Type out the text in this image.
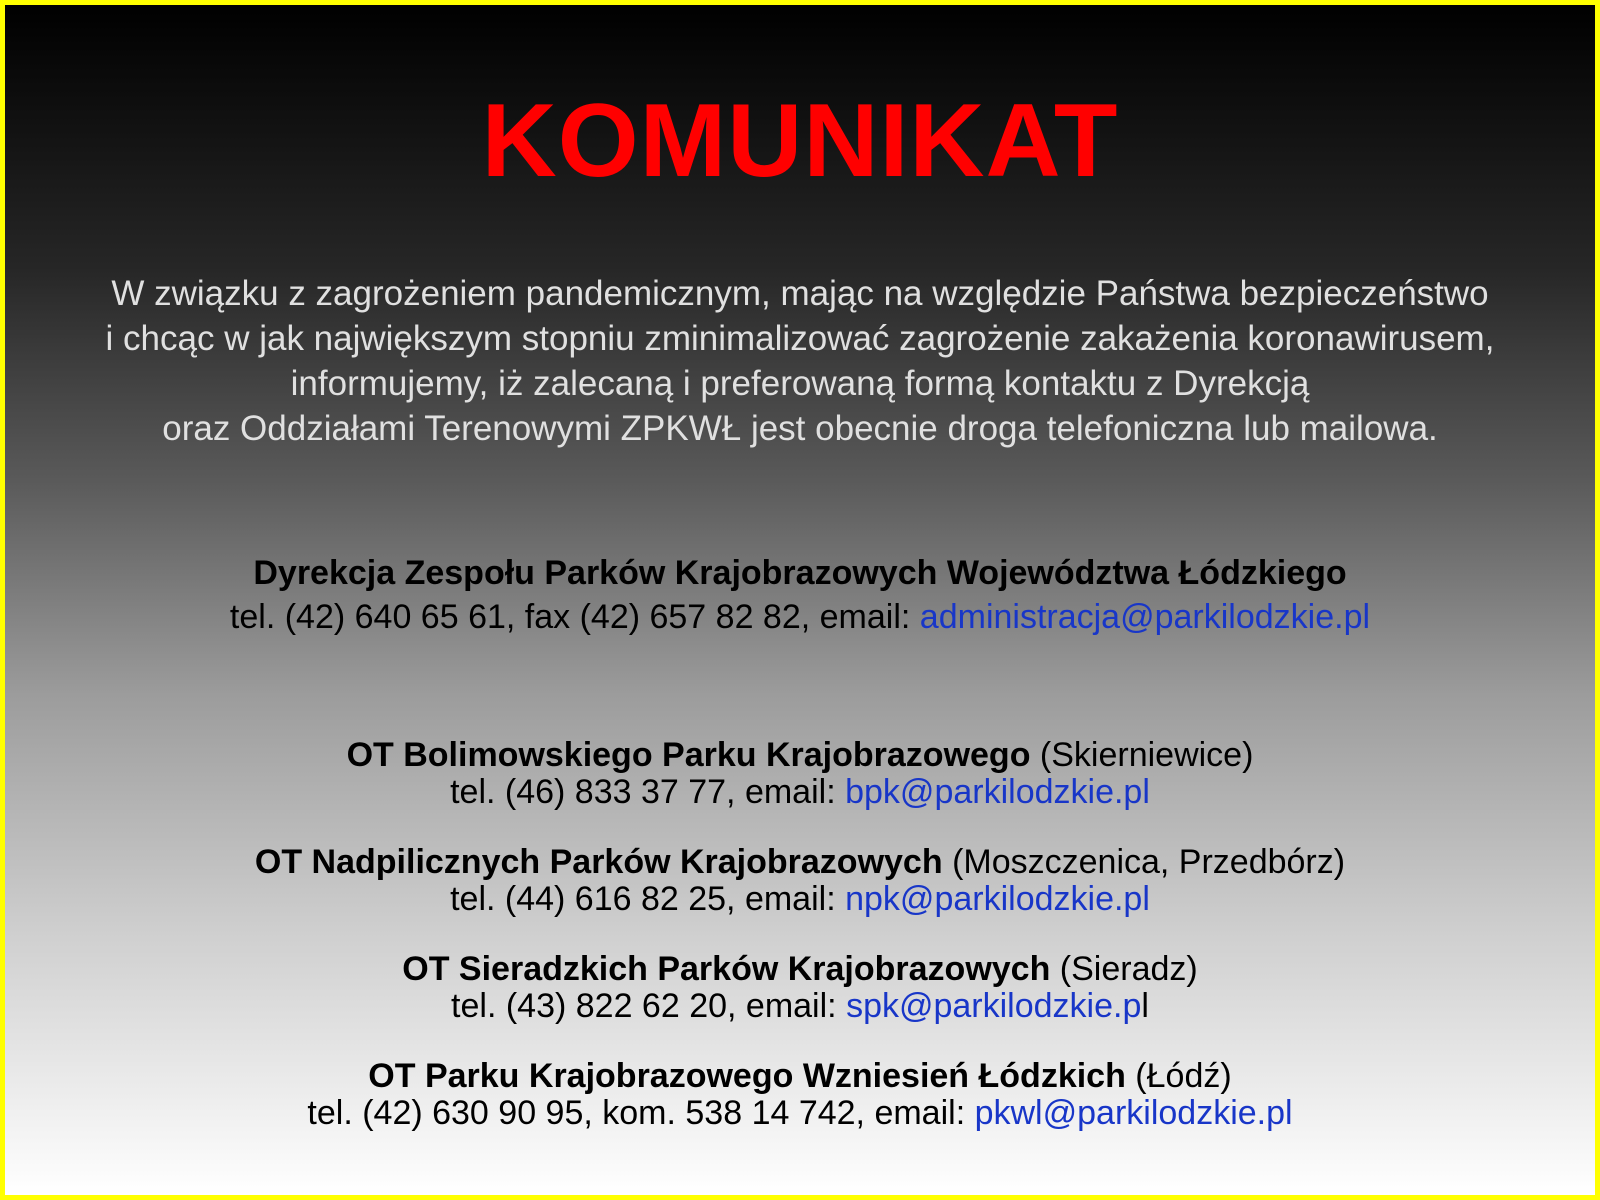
KOMUNIKAT

W związku z zagrożeniem pandemicznym, mając na względzie Państwa bezpieczeństwo
i chcąc w jak największym stopniu zminimalizować zagrożenie zakażenia koronawirusem,
informujemy, iż zalecaną i preferowaną formą kontaktu z Dyrekcją
oraz Oddziałami Terenowymi ZPKWŁ jest obecnie droga telefoniczna lub mailowa.

Dyrekcja Zespołu Parków Krajobrazowych Województwa Łódzkiego
tel. (42) 640 65 61, fax (42) 657 82 82, email: administracja@parkilodzkie.pl
OT Bolimowskiego Parku Krajobrazowego (Skierniewice)
tel. (46) 833 37 77, email: bpk@parkilodzkie.pl
OT Nadpilicznych Parków Krajobrazowych (Moszczenica, Przedbórz)
tel. (44) 616 82 25, email: npk@parkilodzkie.pl
OT Sieradzkich Parków Krajobrazowych (Sieradz)
tel. (43) 822 62 20, email: spk@parkilodzkie.pl
OT Parku Krajobrazowego Wzniesień Łódzkich (Łódź)
tel. (42) 630 90 95, kom. 538 14 742, email: pkwl@parkilodzkie.pl
